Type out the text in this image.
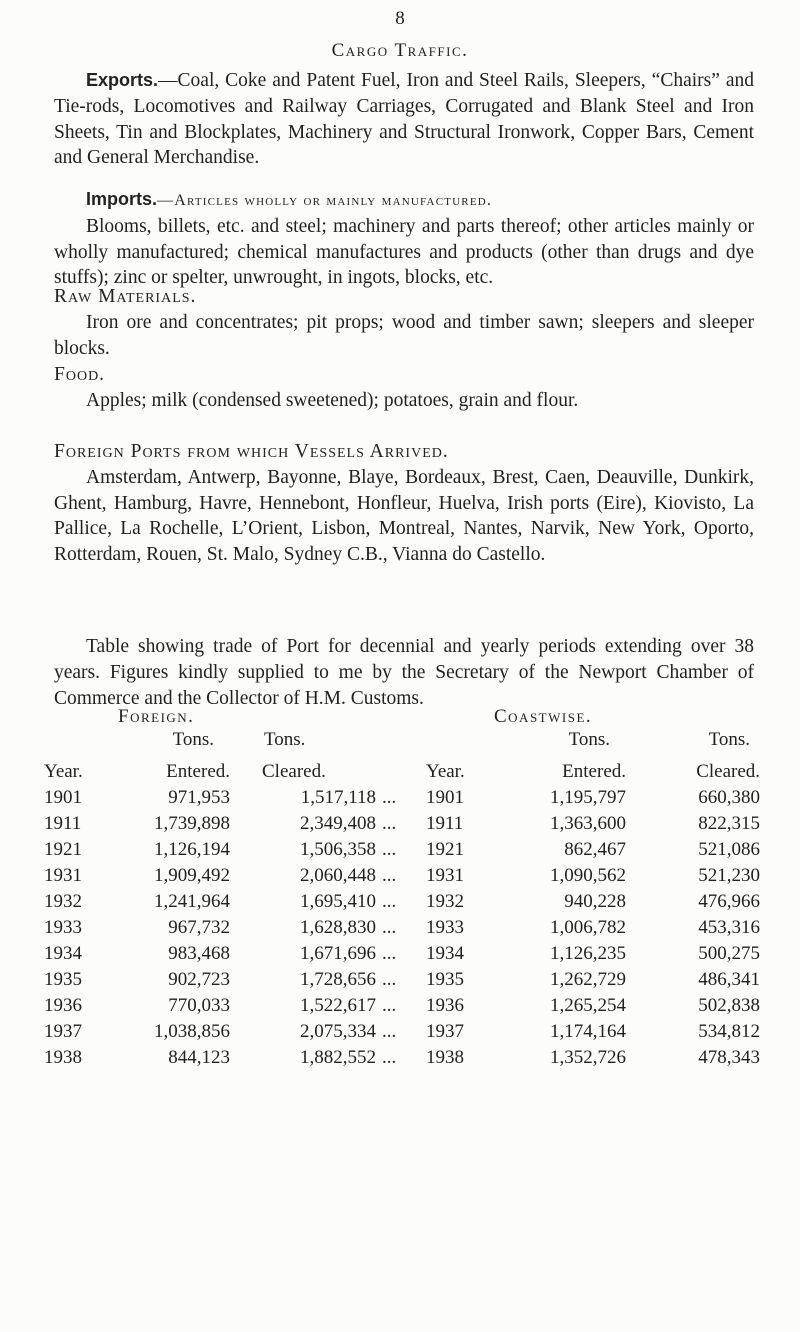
8
Cargo Traffic.

Exports.—Coal, Coke and Patent Fuel, Iron and Steel Rails, Sleepers, “Chairs” and Tie-rods, Locomotives and Railway Carriages, Corrugated and Blank Steel and Iron Sheets, Tin and Blockplates, Machinery and Structural Ironwork, Copper Bars, Cement and General Merchandise.

Imports.—Articles wholly or mainly manufactured.

Blooms, billets, etc. and steel; machinery and parts thereof; other articles mainly or wholly manufactured; chemical manufactures and products (other than drugs and dye stuffs); zinc or spelter, unwrought, in ingots, blocks, etc.

Raw Materials.

Iron ore and concentrates; pit props; wood and timber sawn; sleepers and sleeper blocks.

Food.

Apples; milk (condensed sweetened); potatoes, grain and flour.

Foreign Ports from which Vessels Arrived.

Amsterdam, Antwerp, Bayonne, Blaye, Bordeaux, Brest, Caen, Deauville, Dunkirk, Ghent, Hamburg, Havre, Hennebont, Honfleur, Huelva, Irish ports (Eire), Kiovisto, La Pallice, La Rochelle, L’Orient, Lisbon, Montreal, Nantes, Narvik, New York, Oporto, Rotterdam, Rouen, St. Malo, Sydney C.B., Vianna do Castello.

Table showing trade of Port for decennial and yearly periods extending over 38 years. Figures kindly supplied to me by the Secretary of the Newport Chamber of Commerce and the Collector of H.M. Customs.

	Foreign.				Coastwise.	
	Tons.	Tons.			Tons.	Tons.
Year.	Entered.	Cleared.		Year.	Entered.	Cleared.
1901	971,953	1,517,118	...	1901	1,195,797	660,380
1911	1,739,898	2,349,408	...	1911	1,363,600	822,315
1921	1,126,194	1,506,358	...	1921	862,467	521,086
1931	1,909,492	2,060,448	...	1931	1,090,562	521,230
1932	1,241,964	1,695,410	...	1932	940,228	476,966
1933	967,732	1,628,830	...	1933	1,006,782	453,316
1934	983,468	1,671,696	...	1934	1,126,235	500,275
1935	902,723	1,728,656	...	1935	1,262,729	486,341
1936	770,033	1,522,617	...	1936	1,265,254	502,838
1937	1,038,856	2,075,334	...	1937	1,174,164	534,812
1938	844,123	1,882,552	...	1938	1,352,726	478,343
